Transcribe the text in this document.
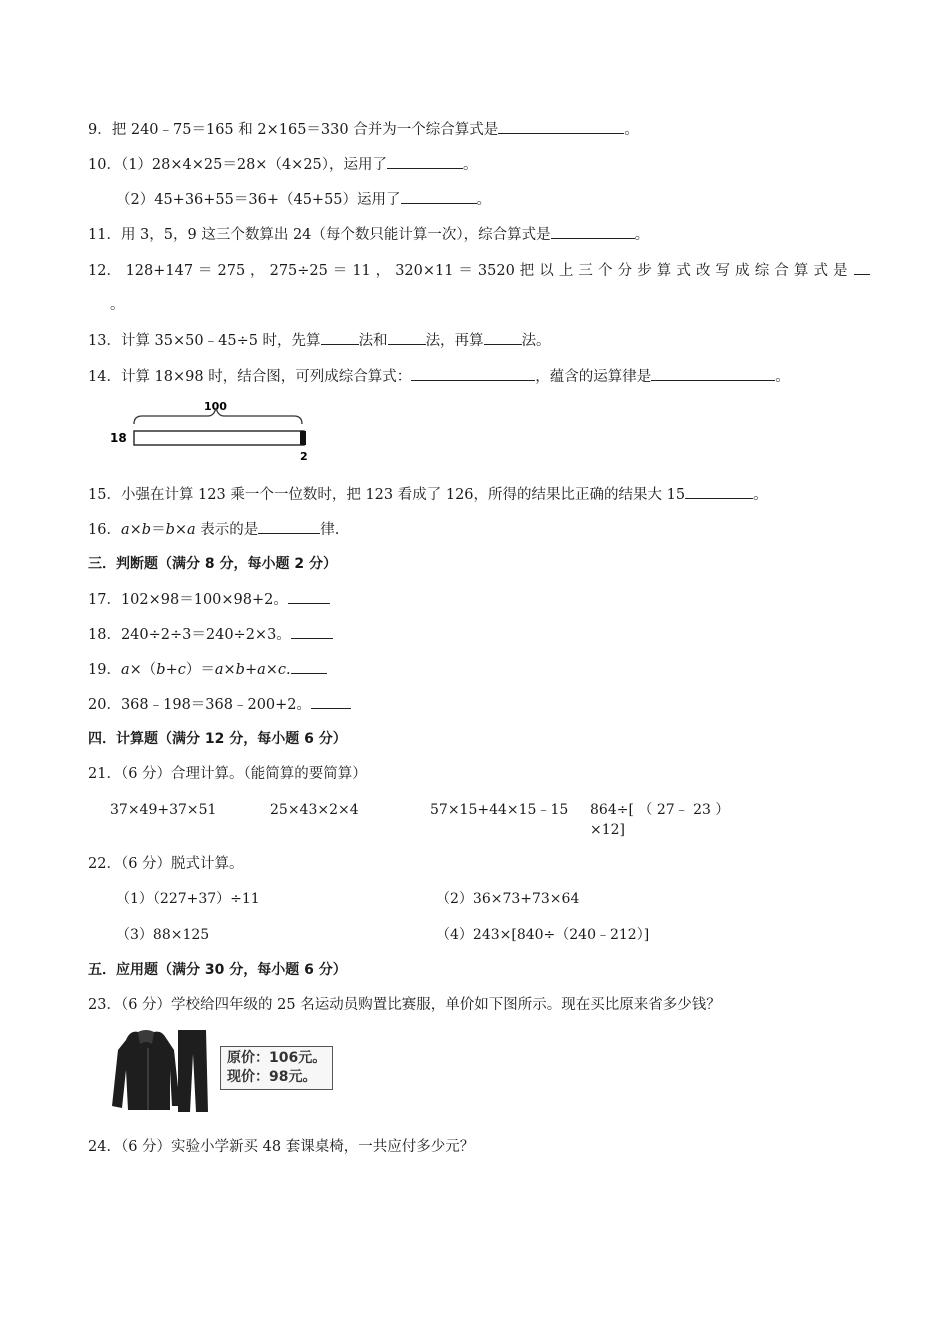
9．把 240﹣75＝165 和 2×165＝330 合并为一个综合算式是	。
10．（1）28×4×25＝28×（4×25），运用了	。
（2）45+36+55＝36+（45+55）运用了	。
11．用 3，5，9 这三个数算出 24（每个数只能计算一次），综合算式是	。
12． 128+147 ＝ 275 ， 275÷25 ＝ 11 ， 320×11 ＝ 3520 把 以 上 三 个 分 步 算 式 改 写 成 综 合 算 式 是
。
13．计算 35×50﹣45÷5 时，先算	法和	法，再算	法。
14．计算 18×98 时，结合图，可列成综合算式：	，蕴含的运算律是	。
100
18
2
15．小强在计算 123 乘一个一位数时，把 123 看成了 126，所得的结果比正确的结果大 15	。
16．a×b＝b×a 表示的是	律.
三．判断题（满分 8 分，每小题 2 分）
17．102×98＝100×98+2。
18．240÷2÷3＝240÷2×3。
19．a×（b+c）＝a×b+a×c.
20．368﹣198＝368﹣200+2。
四．计算题（满分 12 分，每小题 6 分）
21．（6 分）合理计算。（能简算的要简算）
37×49+37×51	25×43×2×4	57×15+44×15﹣15 864÷[ （ 27﹣ 23 ）
×12]
22．（6 分）脱式计算。
（1）（227+37）÷11	（2）36×73+73×64
（3）88×125	（4）243×[840÷（240﹣212）]
五．应用题（满分 30 分，每小题 6 分）
23．（6 分）学校给四年级的 25 名运动员购置比赛服，单价如下图所示。现在买比原来省多少钱？
原价：106元。
现价：98元。
24．（6 分）实验小学新买 48 套课桌椅，一共应付多少元？
